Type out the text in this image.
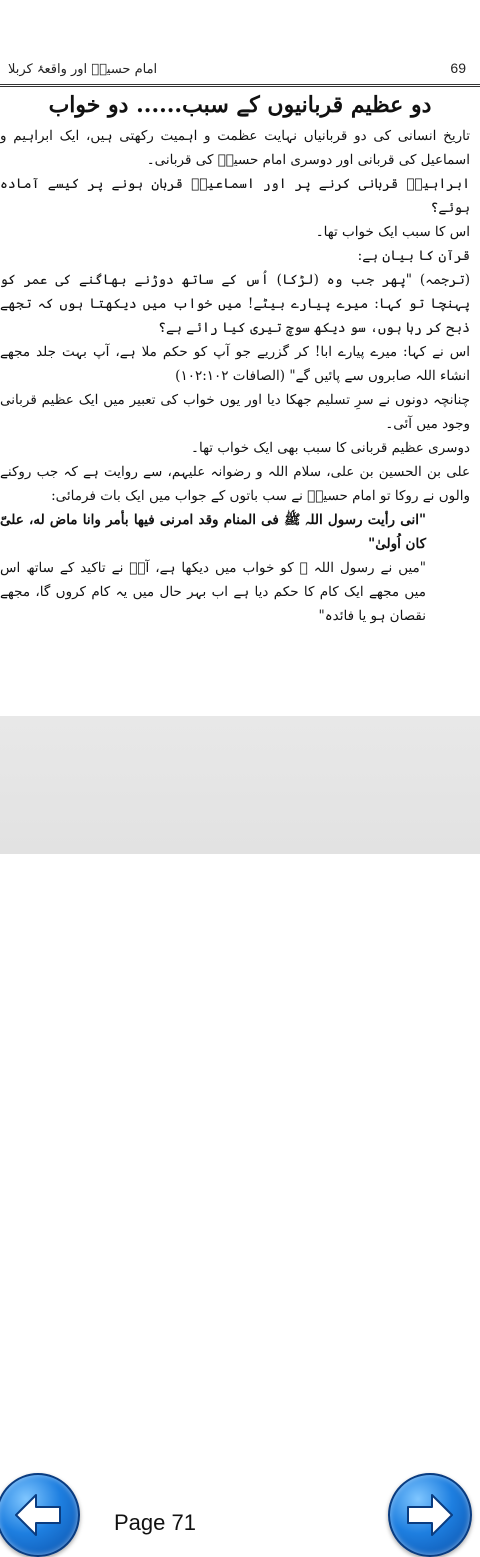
امام حسینؓ اور واقعۂ کربلا	69
دو عظیم قربانیوں کے سبب...... دو خواب

تاریخ انسانی کی دو قربانیاں نہایت عظمت و اہمیت رکھتی ہیں، ایک ابراہیم و اسماعیل کی قربانی اور دوسری امام حسینؓ کی قربانی۔

ابراہیمؑ قربانی کرنے پر اور اسماعیلؑ قربان ہونے پر کیسے آمادہ ہوئے؟

اس کا سبب ایک خواب تھا۔

قرآن کا بیان ہے:

(ترجمہ) "پھر جب وہ (لڑکا) اُس کے ساتھ دوڑنے بھاگنے کی عمر کو پہنچا تو کہا: میرے پیارے بیٹے! میں خواب میں دیکھتا ہوں کہ تجھے ذبح کر رہا ہوں، سو دیکھ سوچ تیری کیا رائے ہے؟

اس نے کہا: میرے پیارے ابا! کر گزریے جو آپ کو حکم ملا ہے، آپ بہت جلد مجھے انشاء اللہ صابروں سے پائیں گے" (الصافات ۱۰۲:۱۰۲)

چنانچہ دونوں نے سرِ تسلیم جھکا دیا اور یوں خواب کی تعبیر میں ایک عظیم قربانی وجود میں آئی۔

دوسری عظیم قربانی کا سبب بھی ایک خواب تھا۔

علی بن الحسین بن علی، سلام اللہ و رضوانہ علیہم، سے روایت ہے کہ جب روکنے والوں نے روکا تو امام حسینؓ نے سب باتوں کے جواب میں ایک بات فرمائی:

"انی رأیت رسول اللہ ﷺ فی المنام وقد امرنی فیها بأمر وانا ماض له، علیّ کان اُولیٰ"

"میں نے رسول اللہ ﷺ کو خواب میں دیکھا ہے، آپؐ نے تاکید کے ساتھ اس میں مجھے ایک کام کا حکم دیا ہے اب بہر حال میں یہ کام کروں گا، مجھے نقصان ہو یا فائدہ"

Page 71
